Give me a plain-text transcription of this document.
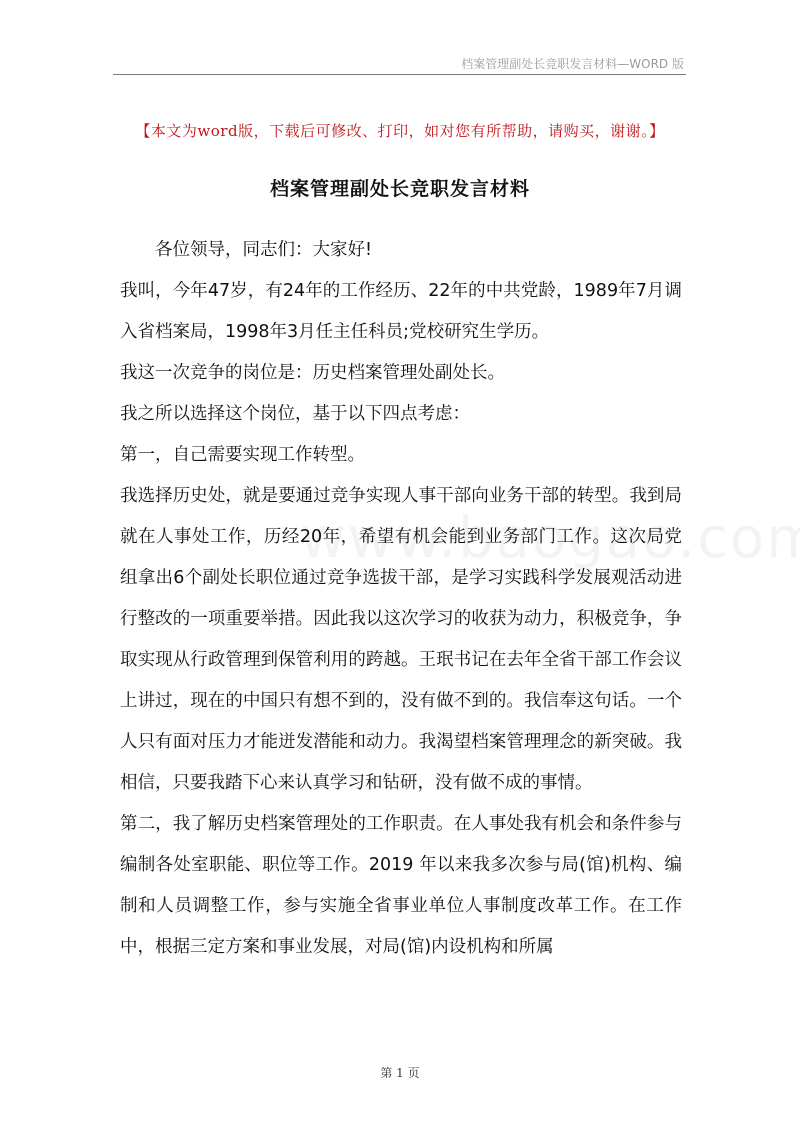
档案管理副处长竞职发言材料—WORD 版
【本文为word版，下载后可修改、打印，如对您有所帮助，请购买，谢谢。】
档案管理副处长竞职发言材料

各位领导，同志们：大家好!

我叫，今年47岁，有24年的工作经历、22年的中共党龄，1989年7月调入省档案局，1998年3月任主任科员;党校研究生学历。

我这一次竞争的岗位是：历史档案管理处副处长。

我之所以选择这个岗位，基于以下四点考虑：

第一，自己需要实现工作转型。

我选择历史处，就是要通过竞争实现人事干部向业务干部的转型。我到局就在人事处工作，历经20年，希望有机会能到业务部门工作。这次局党组拿出6个副处长职位通过竞争选拔干部，是学习实践科学发展观活动进行整改的一项重要举措。因此我以这次学习的收获为动力，积极竞争，争取实现从行政管理到保管利用的跨越。王珉书记在去年全省干部工作会议上讲过，现在的中国只有想不到的，没有做不到的。我信奉这句话。一个人只有面对压力才能迸发潜能和动力。我渴望档案管理理念的新突破。我相信，只要我踏下心来认真学习和钻研，没有做不成的事情。

第二，我了解历史档案管理处的工作职责。在人事处我有机会和条件参与编制各处室职能、职位等工作。2019 年以来我多次参与局(馆)机构、编制和人员调整工作，参与实施全省事业单位人事制度改革工作。在工作中，根据三定方案和事业发展，对局(馆)内设机构和所属

第 1 页
